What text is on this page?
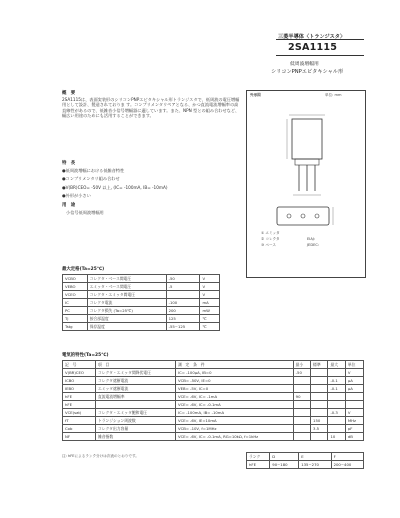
三菱半導体〈トランジスタ〉
2SA1115
低周波増幅用
シリコンPNPエピタキシャル形
概　要
2SA1115は、表面実装形のシリコンPNPエピタキシャル形トランジスタで、低周波の電圧増幅用として設計、製造されておりま す。コンプリメンタリペアとなる、かつ直流電流増幅率の高直線性があるので、低雑音小信号増幅器に適しています。また、NPN 型との組み合わせなど、幅広い用途のためにも活用することができます。
特　長
●低周波増幅における低雑音特性
●コンプリメンタリ組み合わせ
●V(BR)CEO= -50V 以上, (IC= -100mA, IB= -10mA)
●外形が小さい
用　途
小信号低周波増幅用
外形図	単位: mm
① エミッタ
② コレクタ
③ ベース
EIAJ:
JEDEC:
最大定格(Ta=25℃)
VCBO	コレクタ・ベース間電圧	-50	V
VEBO	エミッタ・ベース間電圧	-5	V
VCEO	コレクタ・エミッタ間電圧		V
IC	コレクタ電流	-100	mA
PC	コレクタ損失 (Ta=25℃)	200	mW
Tj	接合部温度	125	℃
Tstg	保存温度	-55~125	℃
電気的特性(Ta=25℃)
記　号	項　目	測　定　条　件	最小	標準	最大	単位
V(BR)CEO	コレクタ・エミッタ間降伏電圧	IC= -100μA, IB=0	-50			V
ICBO	コレクタ遮断電流	VCB= -50V, IE=0			-0.1	μA
IEBO	エミッタ遮断電流	VEB= -5V, IC=0			-0.1	μA
hFE	直流電流増幅率	VCE= -6V, IC= -1mA	90			
hFE		VCE= -6V, IC= -0.1mA				
VCE(sat)	コレクタ・エミッタ飽和電圧	IC= -100mA, IB= -10mA			-0.3	V
fT	トランジション周波数	VCE= -6V, IE=10mA		150		MHz
Cob	コレクタ出力容量	VCB= -10V, f=1MHz		3.5		pF
NF	雑音指数	VCE= -6V, IC= -0.1mA, RG=10kΩ, f=1kHz			10	dB
注: hFEによるランク分けは次表のとおりです。	ランク	D	E	F
hFE	90~180	135~270	200~400
